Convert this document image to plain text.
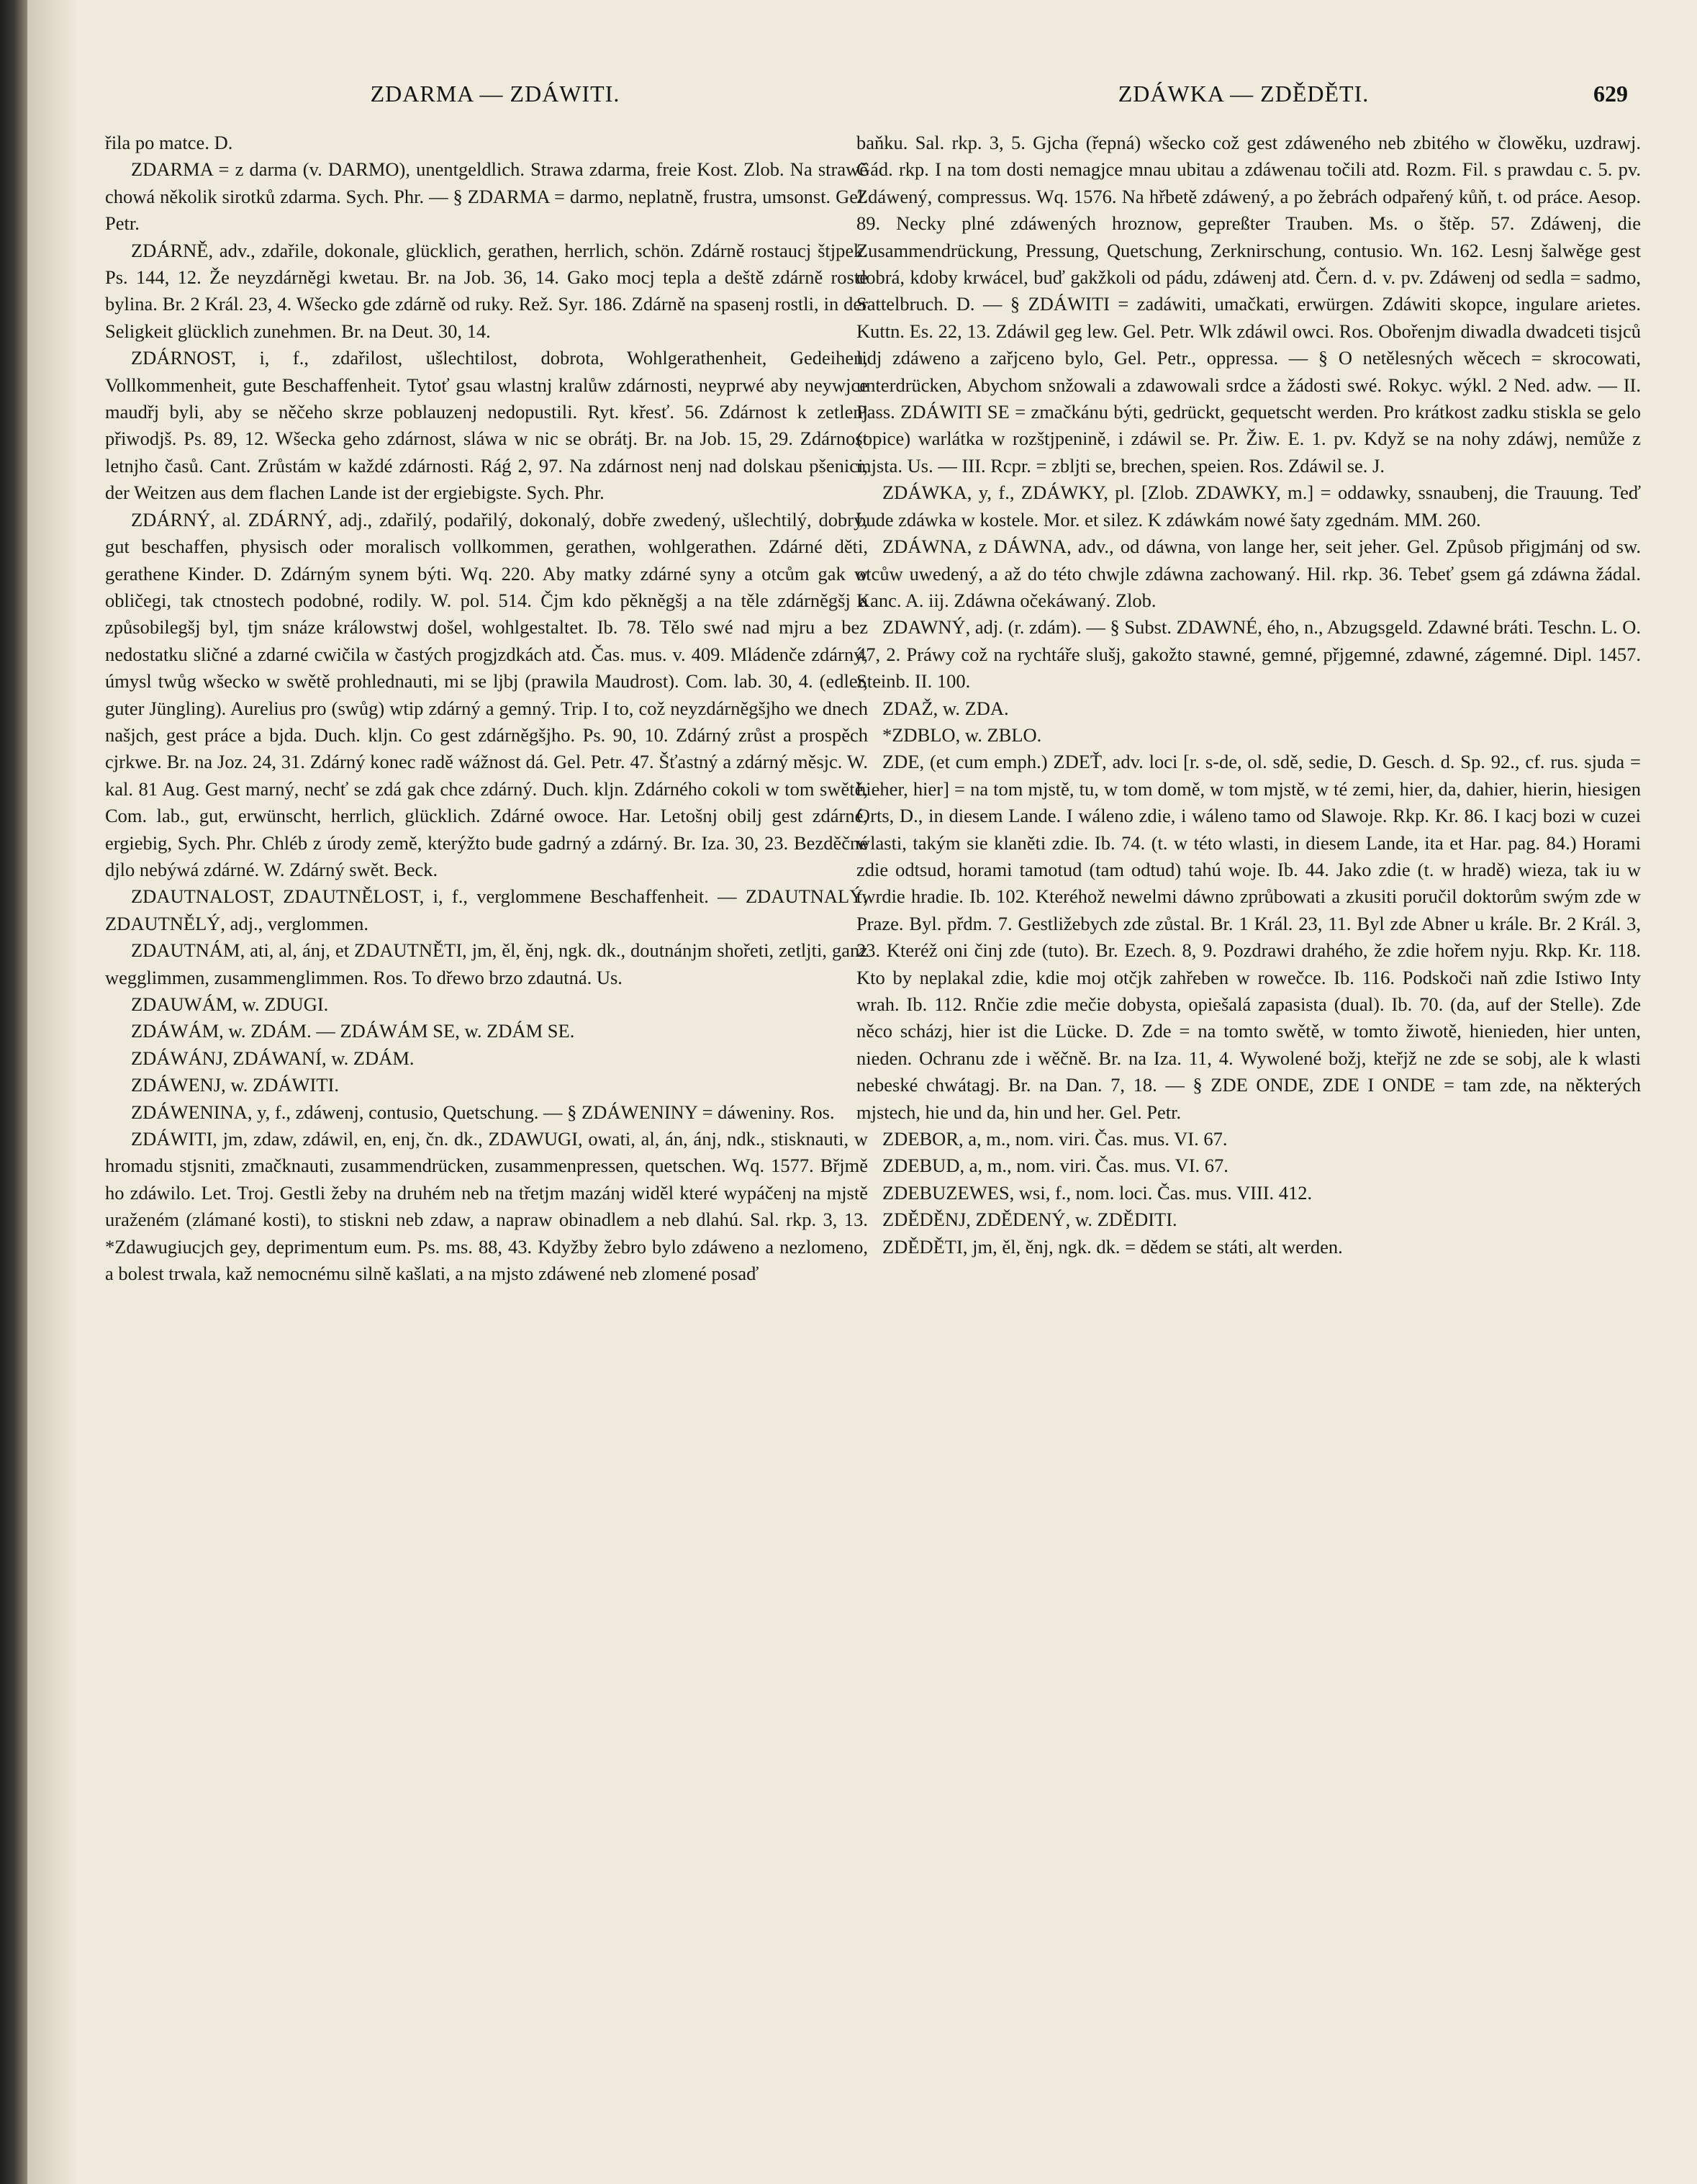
ZDARMA — ZDÁWITI.	ZDÁWKA — ZDĚDĚTI.	629

řila po matce. D.

ZDARMA = z darma (v. DARMO), unentgeldlich. Strawa zdarma, freie Kost. Zlob. Na strawě chowá několik sirotků zdarma. Sych. Phr. — § ZDARMA = darmo, neplatně, frustra, umsonst. Gel. Petr.

ZDÁRNĚ, adv., zdařile, dokonale, glücklich, gerathen, herrlich, schön. Zdárně rostaucj štjpek. Ps. 144, 12. Že neyzdárněgi kwetau. Br. na Job. 36, 14. Gako mocj tepla a deště zdárně roste bylina. Br. 2 Král. 23, 4. Wšecko gde zdárně od ruky. Rež. Syr. 186. Zdárně na spasenj rostli, in der Seligkeit glücklich zunehmen. Br. na Deut. 30, 14.

ZDÁRNOST, i, f., zdařilost, ušlechtilost, dobrota, Wohlgerathenheit, Gedeihen, Vollkommenheit, gute Beschaffenheit. Tytoť gsau wlastnj kralůw zdárnosti, neyprwé aby neywjce maudřj byli, aby se něčeho skrze poblauzenj nedopustili. Ryt. křesť. 56. Zdárnost k zetlenj přiwodjš. Ps. 89, 12. Wšecka geho zdárnost, sláwa w nic se obrátj. Br. na Job. 15, 29. Zdárnost letnjho časů. Cant. Zrůstám w každé zdárnosti. Ráǵ 2, 97. Na zdárnost nenj nad dolskau pšenici, der Weitzen aus dem flachen Lande ist der ergiebigste. Sych. Phr.

ZDÁRNÝ, al. ZDÁRNÝ, adj., zdařilý, podařilý, dokonalý, dobře zwedený, ušlechtilý, dobrý, gut beschaffen, physisch oder moralisch vollkommen, gerathen, wohlgerathen. Zdárné děti, gerathene Kinder. D. Zdárným synem býti. Wq. 220. Aby matky zdárné syny a otcům gak w obličegi, tak ctnostech podobné, rodily. W. pol. 514. Čjm kdo pěkněgšj a na těle zdárněgšj a způsobilegšj byl, tjm snáze králowstwj došel, wohlgestaltet. Ib. 78. Tělo swé nad mjru a bez nedostatku sličné a zdarné cwičila w častých progjzdkách atd. Čas. mus. v. 409. Mládenče zdárný, úmysl twůg wšecko w swětě prohlednauti, mi se ljbj (prawila Maudrost). Com. lab. 30, 4. (edler, guter Jüngling). Aurelius pro (swůg) wtip zdárný a gemný. Trip. I to, což neyzdárněgšjho we dnech našjch, gest práce a bjda. Duch. kljn. Co gest zdárněgšjho. Ps. 90, 10. Zdárný zrůst a prospěch cjrkwe. Br. na Joz. 24, 31. Zdárný konec radě wážnost dá. Gel. Petr. 47. Šťastný a zdárný měsjc. W. kal. 81 Aug. Gest marný, nechť se zdá gak chce zdárný. Duch. kljn. Zdárného cokoli w tom swětě, Com. lab., gut, erwünscht, herrlich, glücklich. Zdárné owoce. Har. Letošnj obilj gest zdárné, ergiebig, Sych. Phr. Chléb z úrody země, kterýžto bude gadrný a zdárný. Br. Iza. 30, 23. Bezděčné djlo nebýwá zdárné. W. Zdárný swět. Beck.

ZDAUTNALOST, ZDAUTNĚLOST, i, f., verglommene Beschaffenheit. — ZDAUTNALÝ, ZDAUTNĚLÝ, adj., verglommen.

ZDAUTNÁM, ati, al, ánj, et ZDAUTNĚTI, jm, ěl, ěnj, ngk. dk., doutnánjm shořeti, zetljti, ganz wegglimmen, zusammenglimmen. Ros. To dřewo brzo zdautná. Us.

ZDAUWÁM, w. ZDUGI.

ZDÁWÁM, w. ZDÁM. — ZDÁWÁM SE, w. ZDÁM SE.

ZDÁWÁNJ, ZDÁWANÍ, w. ZDÁM.

ZDÁWENJ, w. ZDÁWITI.

ZDÁWENINA, y, f., zdáwenj, contusio, Quetschung. — § ZDÁWENINY = dáweniny. Ros.

ZDÁWITI, jm, zdaw, zdáwil, en, enj, čn. dk., ZDAWUGI, owati, al, án, ánj, ndk., stisknauti, w hromadu stjsniti, zmačknauti, zusammendrücken, zusammenpressen, quetschen. Wq. 1577. Břjmě ho zdáwilo. Let. Troj. Gestli žeby na druhém neb na třetjm mazánj widěl které wypáčenj na mjstě uraženém (zlámané kosti), to stiskni neb zdaw, a napraw obinadlem a neb dlahú. Sal. rkp. 3, 13. *Zdawugiucjch gey, deprimentum eum. Ps. ms. 88, 43. Kdyžby žebro bylo zdáweno a nezlomeno, a bolest trwala, kaž nemocnému silně kašlati, a na mjsto zdáwené neb zlomené posaď

baňku. Sal. rkp. 3, 5. Gjcha (řepná) wšecko což gest zdáweného neb zbitého w člowěku, uzdrawj. Gád. rkp. I na tom dosti nemagjce mnau ubitau a zdáwenau točili atd. Rozm. Fil. s prawdau c. 5. pv. Zdáwený, compressus. Wq. 1576. Na hřbetě zdáwený, a po žebrách odpařený kůň, t. od práce. Aesop. 89. Necky plné zdáwených hroznow, gepreßter Trauben. Ms. o štěp. 57. Zdáwenj, die Zusammendrückung, Pressung, Quetschung, Zerknirschung, contusio. Wn. 162. Lesnj šalwěge gest dobrá, kdoby krwácel, buď gakžkoli od pádu, zdáwenj atd. Čern. d. v. pv. Zdáwenj od sedla = sadmo, Sattelbruch. D. — § ZDÁWITI = zadáwiti, umačkati, erwürgen. Zdáwiti skopce, ingulare arietes. Kuttn. Es. 22, 13. Zdáwil geg lew. Gel. Petr. Wlk zdáwil owci. Ros. Obořenjm diwadla dwadceti tisjců lidj zdáweno a zařjceno bylo, Gel. Petr., oppressa. — § O netělesných wěcech = skrocowati, unterdrücken, Abychom snžowali a zdawowali srdce a žádosti swé. Rokyc. wýkl. 2 Ned. adw. — II. Pass. ZDÁWITI SE = zmačkánu býti, gedrückt, gequetscht werden. Pro krátkost zadku stiskla se gelo (opice) warlátka w rozštjpenině, i zdáwil se. Pr. Žiw. E. 1. pv. Když se na nohy zdáwj, nemůže z mjsta. Us. — III. Rcpr. = zbljti se, brechen, speien. Ros. Zdáwil se. J.

ZDÁWKA, y, f., ZDÁWKY, pl. [Zlob. ZDAWKY, m.] = oddawky, ssnaubenj, die Trauung. Teď bude zdáwka w kostele. Mor. et silez. K zdáwkám nowé šaty zgednám. MM. 260.

ZDÁWNA, z DÁWNA, adv., od dáwna, von lange her, seit jeher. Gel. Způsob přigjmánj od sw. otcůw uwedený, a až do této chwjle zdáwna zachowaný. Hil. rkp. 36. Tebeť gsem gá zdáwna žádal. Kanc. A. iij. Zdáwna očekáwaný. Zlob.

ZDAWNÝ, adj. (r. zdám). — § Subst. ZDAWNÉ, ého, n., Abzugsgeld. Zdawné bráti. Teschn. L. O. 47, 2. Práwy což na rychtáře slušj, gakožto stawné, gemné, přjgemné, zdawné, zágemné. Dipl. 1457. Steinb. II. 100.

ZDAŽ, w. ZDA.

*ZDBLO, w. ZBLO.

ZDE, (et cum emph.) ZDEŤ, adv. loci [r. s-de, ol. sdě, sedie, D. Gesch. d. Sp. 92., cf. rus. sjuda = hieher, hier] = na tom mjstě, tu, w tom domě, w tom mjstě, w té zemi, hier, da, dahier, hierin, hiesigen Orts, D., in diesem Lande. I wáleno zdie, i wáleno tamo od Slawoje. Rkp. Kr. 86. I kacj bozi w cuzei wlasti, takým sie klaněti zdie. Ib. 74. (t. w této wlasti, in diesem Lande, ita et Har. pag. 84.) Horami zdie odtsud, horami tamotud (tam odtud) tahú woje. Ib. 44. Jako zdie (t. w hradě) wieza, tak iu w twrdie hradie. Ib. 102. Kteréhož newelmi dáwno zprůbowati a zkusiti poručil doktorům swým zde w Praze. Byl. přdm. 7. Gestližebych zde zůstal. Br. 1 Král. 23, 11. Byl zde Abner u krále. Br. 2 Král. 3, 23. Kteréž oni činj zde (tuto). Br. Ezech. 8, 9. Pozdrawi drahého, že zdie hořem nyju. Rkp. Kr. 118. Kto by neplakal zdie, kdie moj otčjk zahřeben w rowečce. Ib. 116. Podskoči naň zdie Istiwo Inty wrah. Ib. 112. Rnčie zdie mečie dobysta, opiešalá zapasista (dual). Ib. 70. (da, auf der Stelle). Zde něco scházj, hier ist die Lücke. D. Zde = na tomto swětě, w tomto žiwotě, hienieden, hier unten, nieden. Ochranu zde i wěčně. Br. na Iza. 11, 4. Wywolené božj, kteřjž ne zde se sobj, ale k wlasti nebeské chwátagj. Br. na Dan. 7, 18. — § ZDE ONDE, ZDE I ONDE = tam zde, na některých mjstech, hie und da, hin und her. Gel. Petr.

ZDEBOR, a, m., nom. viri. Čas. mus. VI. 67.

ZDEBUD, a, m., nom. viri. Čas. mus. VI. 67.

ZDEBUZEWES, wsi, f., nom. loci. Čas. mus. VIII. 412.

ZDĚDĚNJ, ZDĚDENÝ, w. ZDĚDITI.

ZDĚDĚTI, jm, ěl, ěnj, ngk. dk. = dědem se státi, alt werden.
